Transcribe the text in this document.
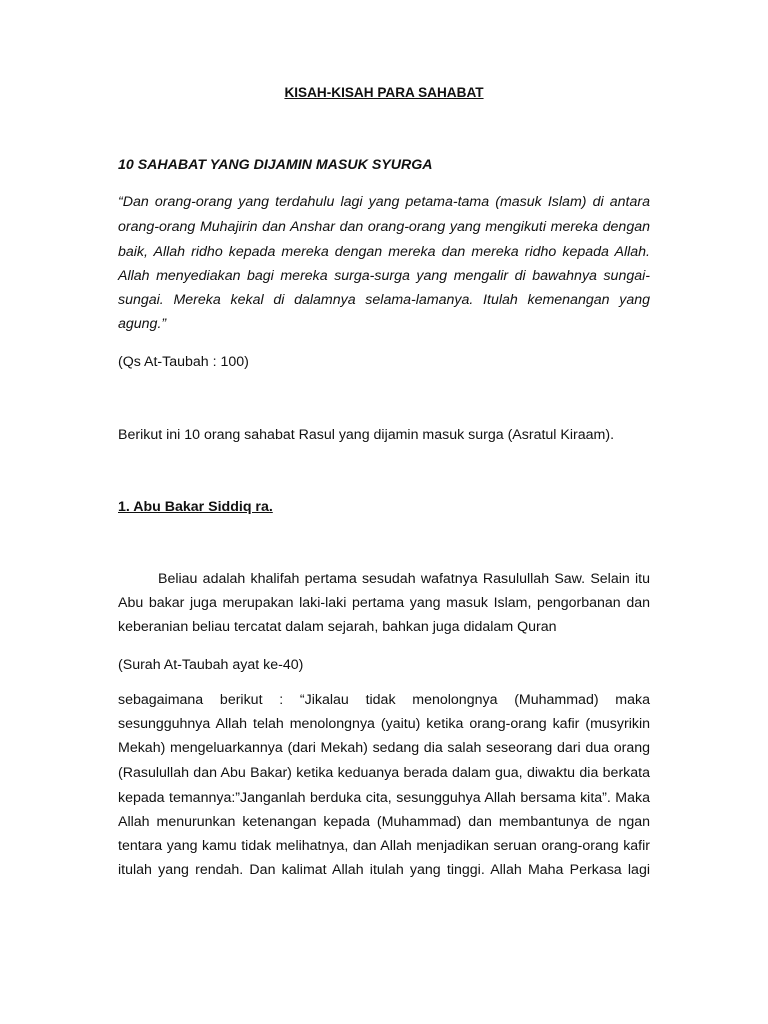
KISAH-KISAH PARA SAHABAT
10 SAHABAT YANG DIJAMIN MASUK SYURGA
“Dan orang-orang yang terdahulu lagi yang petama-tama (masuk Islam) di antara
orang-orang Muhajirin dan Anshar dan orang-orang yang mengikuti mereka dengan
baik, Allah ridho kepada mereka dengan mereka dan mereka ridho kepada Allah.
Allah menyediakan bagi mereka surga-surga yang mengalir di bawahnya sungai-
sungai. Mereka kekal di dalamnya selama-lamanya. Itulah kemenangan yang
agung.”
(Qs At-Taubah : 100)
Berikut ini 10 orang sahabat Rasul yang dijamin masuk surga (Asratul Kiraam).
1. Abu Bakar Siddiq ra.
Beliau adalah khalifah pertama sesudah wafatnya Rasulullah Saw. Selain itu
Abu bakar juga merupakan laki-laki pertama yang masuk Islam, pengorbanan dan
keberanian beliau tercatat dalam sejarah, bahkan juga didalam Quran
(Surah At-Taubah ayat ke-40)
sebagaimana berikut : “Jikalau tidak menolongnya (Muhammad) maka
sesungguhnya Allah telah menolongnya (yaitu) ketika orang-orang kafir (musyrikin
Mekah) mengeluarkannya (dari Mekah) sedang dia salah seseorang dari dua orang
(Rasulullah dan Abu Bakar) ketika keduanya berada dalam gua, diwaktu dia berkata
kepada temannya:”Janganlah berduka cita, sesungguhya Allah bersama kita”. Maka
Allah menurunkan ketenangan kepada (Muhammad) dan membantunya de ngan
tentara yang kamu tidak melihatnya, dan Allah menjadikan seruan orang-orang kafir
itulah yang rendah. Dan kalimat Allah itulah yang tinggi. Allah Maha Perkasa lagi
